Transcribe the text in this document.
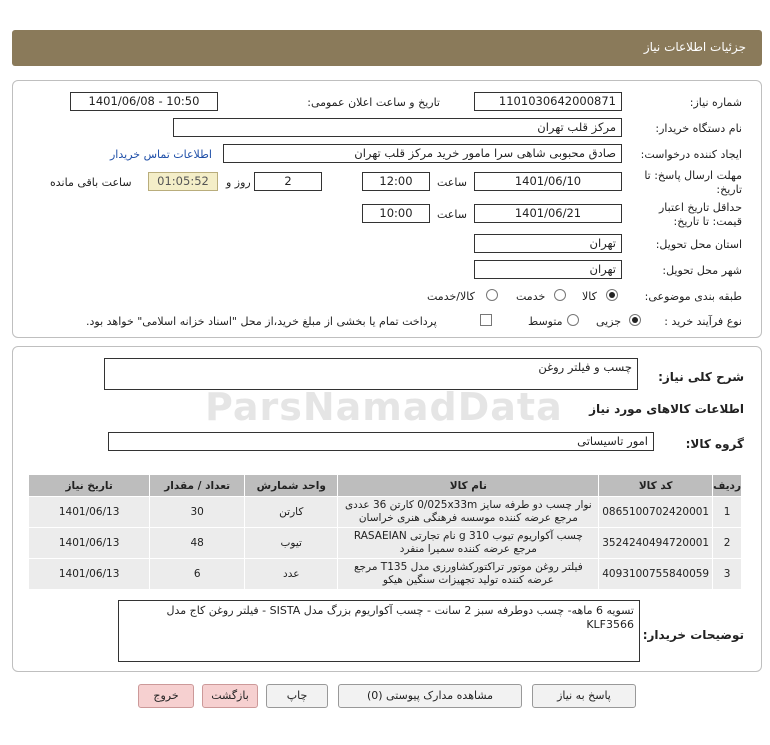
جزئیات اطلاعات نیاز
شماره نیاز:
1101030642000871
تاریخ و ساعت اعلان عمومی:
1401/06/08 - 10:50
نام دستگاه خریدار:
مرکز قلب تهران
ایجاد کننده درخواست:
صادق محبوبی شاهی سرا مامور خرید مرکز قلب تهران
اطلاعات تماس خریدار
مهلت ارسال پاسخ: تا
تاریخ:
1401/06/10
ساعت
12:00
2
روز و
01:05:52
ساعت باقی مانده
حداقل تاریخ اعتبار
قیمت: تا تاریخ:
1401/06/21
ساعت
10:00
استان محل تحویل:
تهران
شهر محل تحویل:
تهران
طبقه بندی موضوعی:
کالا
خدمت
کالا/خدمت
نوع فرآیند خرید :
جزیی
متوسط
پرداخت تمام یا بخشی از مبلغ خرید،از محل "اسناد خزانه اسلامی" خواهد بود.
شرح کلی نیاز:
چسب و فیلتر روغن
اطلاعات کالاهای مورد نیاز
گروه کالا:
امور تاسیساتی
ردیف	کد کالا	نام کالا	واحد شمارش	تعداد / مقدار	تاریخ نیاز
1	0865100702420001	نوار چسب دو طرفه سایز 0/025x33m کارتن 36 عددی مرجع عرضه کننده موسسه فرهنگی هنری خراسان	کارتن	30	1401/06/13
2	3524240494720001	چسب آکواریوم تیوب 310 g نام تجارتی RASAEIAN مرجع عرضه کننده سمیرا منفرد	تیوب	48	1401/06/13
3	4093100755840059	فیلتر روغن موتور تراکتورکشاورزی مدل T135 مرجع عرضه کننده تولید تجهیزات سنگین هیکو	عدد	6	1401/06/13
توضیحات خریدار:
تسویه 6 ماهه- چسب دوطرفه سبز 2 سانت - چسب آکواریوم بزرگ مدل SISTA - فیلتر روغن کاج مدل KLF3566
ParsNamadData
پاسخ به نیاز
مشاهده مدارک پیوستی (0)
چاپ
بازگشت
خروج
